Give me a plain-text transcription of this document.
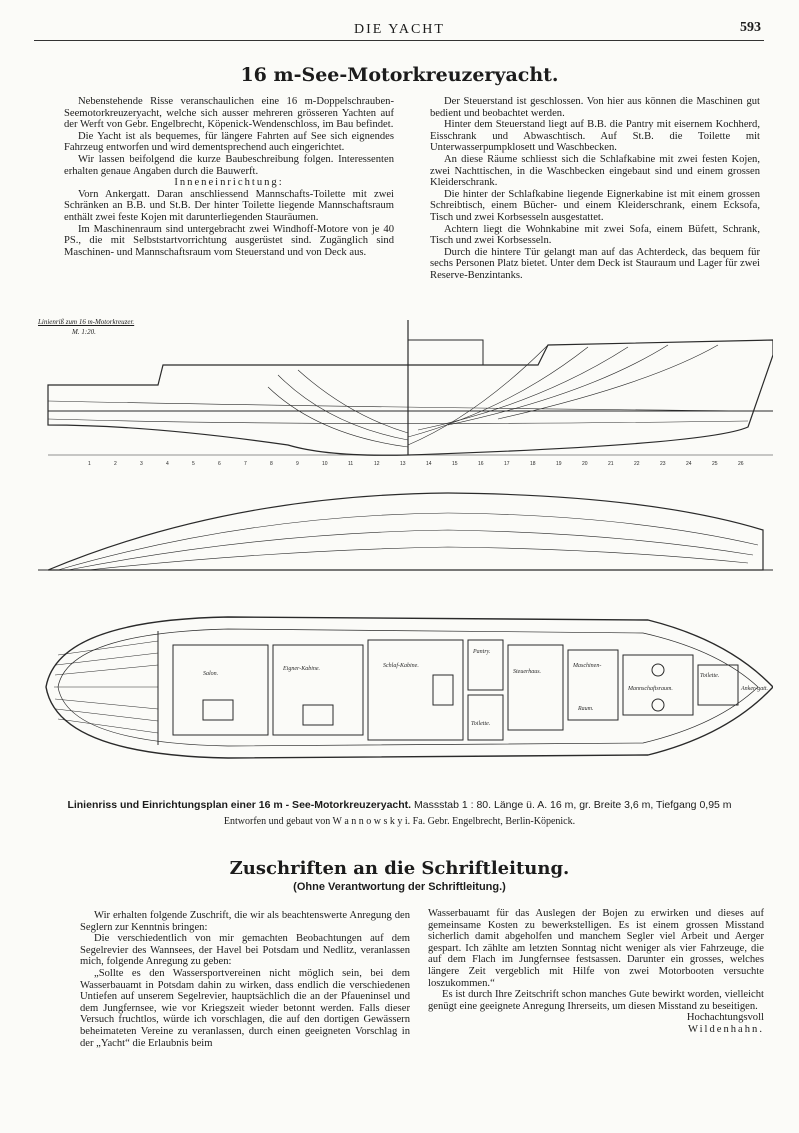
DIE YACHT	593
16 m-See-Motorkreuzeryacht.

Nebenstehende Risse veranschaulichen eine 16 m-Doppelschrauben-Seemotorkreuzeryacht, welche sich ausser mehreren grösseren Yachten auf der Werft von Gebr. Engelbrecht, Köpenick-Wendenschloss, im Bau befindet.

Die Yacht ist als bequemes, für längere Fahrten auf See sich eignendes Fahrzeug entworfen und wird dementsprechend auch eingerichtet.

Wir lassen beifolgend die kurze Baubeschreibung folgen. Interessenten erhalten genaue Angaben durch die Bauwerft.

Inneneinrichtung:

Vorn Ankergatt. Daran anschliessend Mannschafts-Toilette mit zwei Schränken an B.B. und St.B. Der hinter Toilette liegende Mannschaftsraum enthält zwei feste Kojen mit darunterliegenden Stauräumen.

Im Maschinenraum sind untergebracht zwei Windhoff-Motore von je 40 PS., die mit Selbststartvorrichtung ausgerüstet sind. Zugänglich sind Maschinen- und Mannschaftsraum vom Steuerstand und von Deck aus.

Der Steuerstand ist geschlossen. Von hier aus können die Maschinen gut bedient und beobachtet werden.

Hinter dem Steuerstand liegt auf B.B. die Pantry mit eisernem Kochherd, Eisschrank und Abwaschtisch. Auf St.B. die Toilette mit Unterwasserpumpklosett und Waschbecken.

An diese Räume schliesst sich die Schlafkabine mit zwei festen Kojen, zwei Nachttischen, in die Waschbecken eingebaut sind und einem grossen Kleiderschrank.

Die hinter der Schlafkabine liegende Eignerkabine ist mit einem grossen Schreibtisch, einem Bücher- und einem Kleiderschrank, einem Ecksofa, Tisch und zwei Korbsesseln ausgestattet.

Achtern liegt die Wohnkabine mit zwei Sofa, einem Büfett, Schrank, Tisch und zwei Korbsesseln.

Durch die hintere Tür gelangt man auf das Achterdeck, das bequem für sechs Personen Platz bietet. Unter dem Deck ist Stauraum und Lager für zwei Reserve-Benzintanks.

1	2	3	4	5	6	7	8	9	10	11	12	13	14	15	16	17	18	19	20	21	22	23	24	25	26
Salon.
Eigner-Kabine.	Schlaf-Kabine.
Pantry.
Toilette.
Steuerhaus.
Maschinen-
Raum.
Mannschaftsraum.
Toilette.
Anker-gatt.
Linienriß zum 16 m-Motorkreuzer.
M. 1:20.
Linienriss und Einrichtungsplan einer 16 m - See-Motorkreuzeryacht. Massstab 1 : 80. Länge ü. A. 16 m, gr. Breite 3,6 m, Tiefgang 0,95 m
Entworfen und gebaut von W a n n o w s k y i. Fa. Gebr. Engelbrecht, Berlin-Köpenick.
Zuschriften an die Schriftleitung.
(Ohne Verantwortung der Schriftleitung.)

Wir erhalten folgende Zuschrift, die wir als beachtenswerte Anregung den Seglern zur Kenntnis bringen:

Die verschiedentlich von mir gemachten Beobachtungen auf dem Segelrevier des Wannsees, der Havel bei Potsdam und Nedlitz, veranlassen mich, folgende Anregung zu geben:

„Sollte es den Wassersportvereinen nicht möglich sein, bei dem Wasserbauamt in Potsdam dahin zu wirken, dass endlich die verschiedenen Untiefen auf unserem Segelrevier, hauptsächlich die an der Pfaueninsel und dem Jungfernsee, wie vor Kriegszeit wieder betonnt werden. Falls dieser Versuch fruchtlos, würde ich vorschlagen, die auf den dortigen Gewässern beheimateten Vereine zu veranlassen, durch einen geeigneten Vorschlag in der „Yacht“ die Erlaubnis beim

Wasserbauamt für das Auslegen der Bojen zu erwirken und dieses auf gemeinsame Kosten zu bewerkstelligen. Es ist einem grossen Misstand sicherlich damit abgeholfen und manchem Segler viel Arbeit und Aerger gespart. Ich zählte am letzten Sonntag nicht weniger als vier Fahrzeuge, die auf dem Flach im Jungfernsee festsassen. Darunter ein grosses, welches längere Zeit vergeblich mit Hilfe von zwei Motorbooten versuchte loszukommen.“

Es ist durch Ihre Zeitschrift schon manches Gute bewirkt worden, vielleicht genügt eine geeignete Anregung Ihrerseits, um diesen Misstand zu beseitigen.

Hochachtungsvoll

Wildenhahn.
